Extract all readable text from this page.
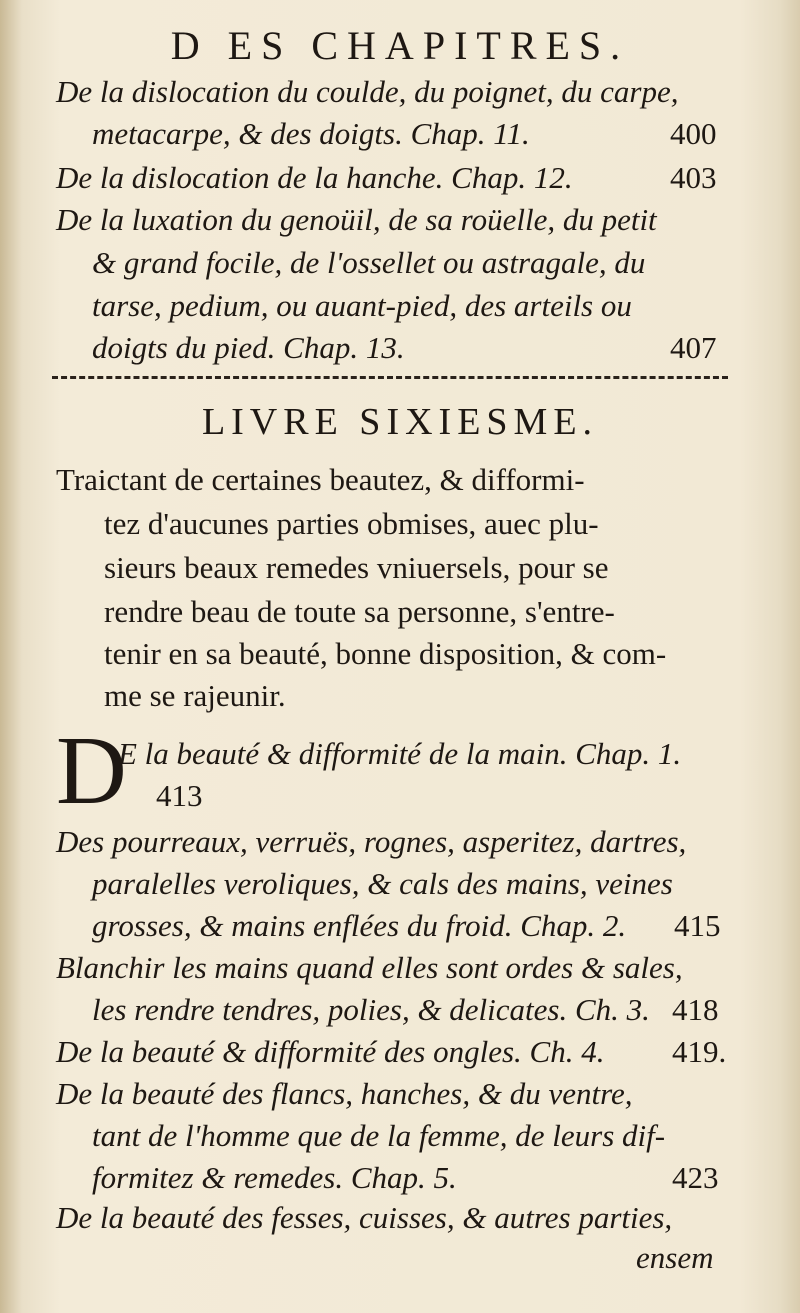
D ES CHAPITRES.
De la dislocation du coulde, du poignet, du carpe,
metacarpe, & des doigts. Chap. 11.	400
De la dislocation de la hanche. Chap. 12.	403
De la luxation du genoüil, de sa roüelle, du petit
& grand focile, de l'ossellet ou astragale, du
tarse, pedium, ou auant-pied, des arteils ou
doigts du pied. Chap. 13.	407
LIVRE SIXIESME.
Traictant de certaines beautez, & difformi-
tez d'aucunes parties obmises, auec plu-
sieurs beaux remedes vniuersels, pour se
rendre beau de toute sa personne, s'entre-
tenir en sa beauté, bonne disposition, & com-
me se rajeunir.
D
E la beauté & difformité de la main. Chap. 1.
413
Des pourreaux, verruës, rognes, asperitez, dartres,
paralelles veroliques, & cals des mains, veines
grosses, & mains enflées du froid. Chap. 2. 415
Blanchir les mains quand elles sont ordes & sales,
les rendre tendres, polies, & delicates. Ch. 3. 418
De la beauté & difformité des ongles. Ch. 4. 419.
De la beauté des flancs, hanches, & du ventre,
tant de l'homme que de la femme, de leurs dif-
formitez & remedes. Chap. 5.	423
De la beauté des fesses, cuisses, & autres parties,
ensem
